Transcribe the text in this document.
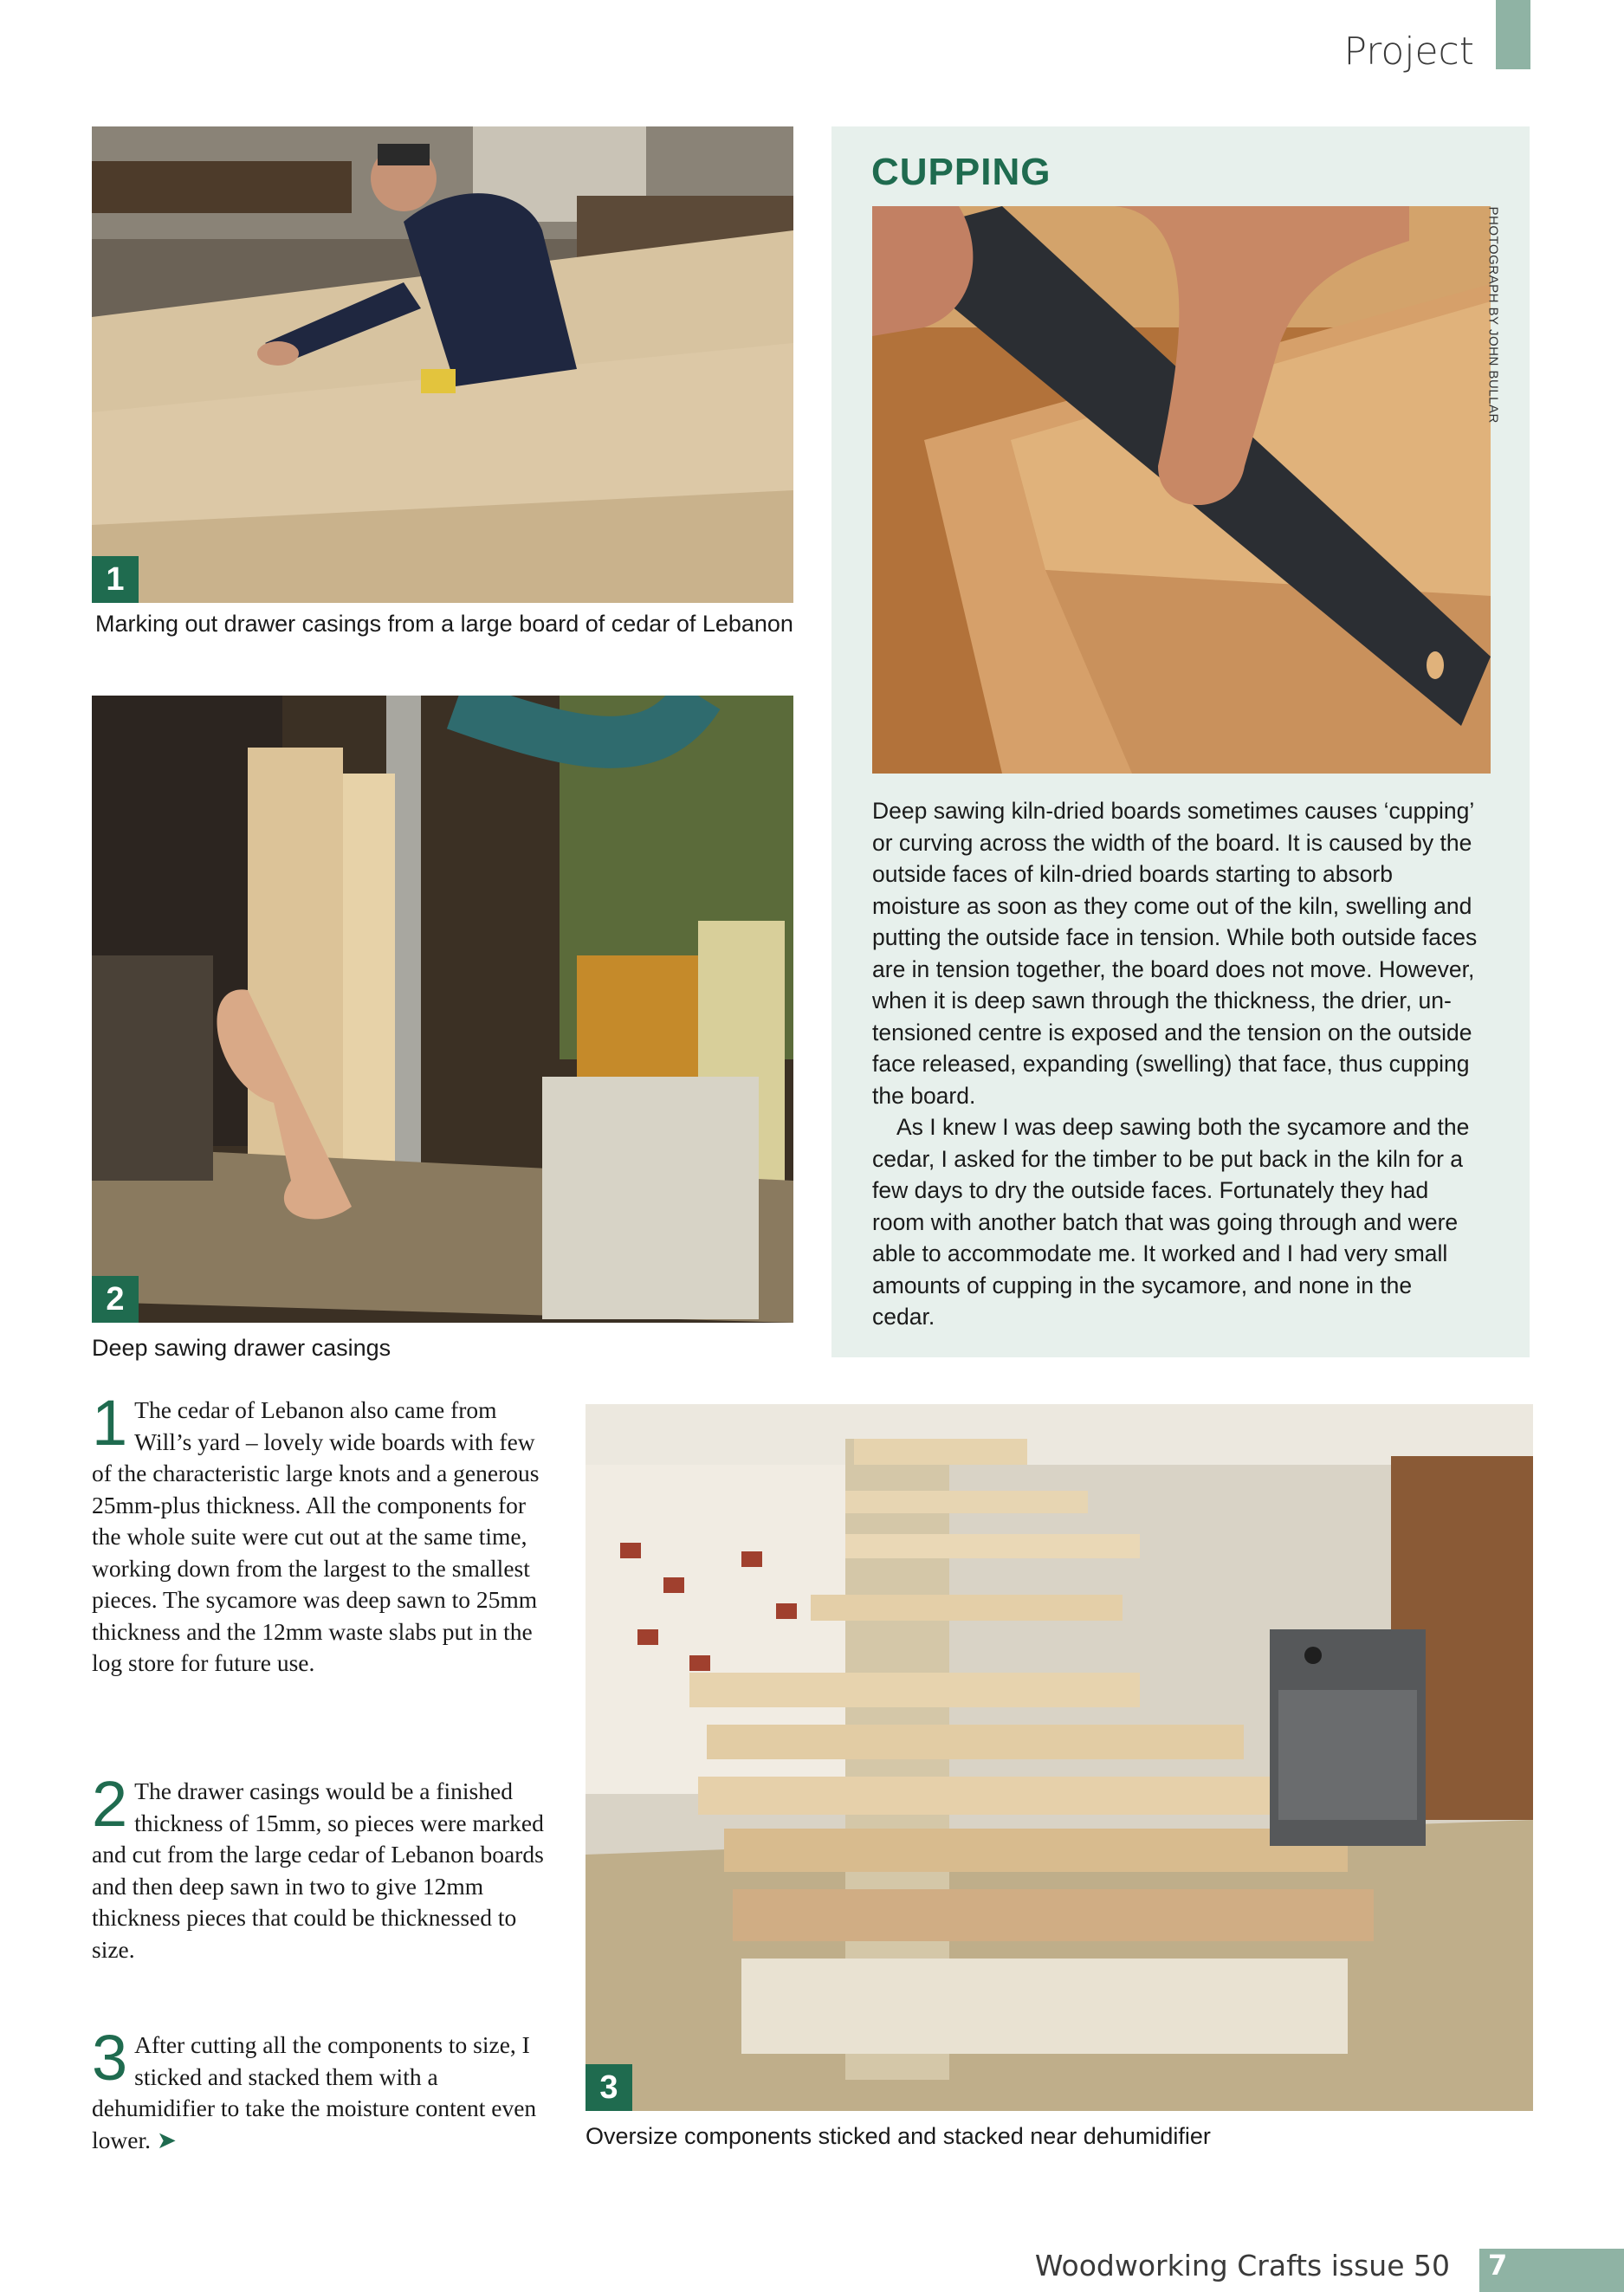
Project
1
Marking out drawer casings from a large board of cedar of Lebanon
2
Deep sawing drawer casings
CUPPING
PHOTOGRAPH BY JOHN BULLAR

Deep sawing kiln-dried boards sometimes causes ‘cupping’ or curving across the width of the board. It is caused by the outside faces of kiln-dried boards starting to absorb moisture as soon as they come out of the kiln, swelling and putting the outside face in tension. While both outside faces are in tension together, the board does not move. However, when it is deep sawn through the thickness, the drier, un-tensioned centre is exposed and the tension on the outside face released, expanding (swelling) that face, thus cupping the board.

As I knew I was deep sawing both the sycamore and the cedar, I asked for the timber to be put back in the kiln for a few days to dry the outside faces. Fortunately they had room with another batch that was going through and were able to accommodate me. It worked and I had very small amounts of cupping in the sycamore, and none in the cedar.

1 The cedar of Lebanon also came from Will’s yard – lovely wide boards with few of the characteristic large knots and a generous 25mm-plus thickness. All the components for the whole suite were cut out at the same time, working down from the largest to the smallest pieces. The sycamore was deep sawn to 25mm thickness and the 12mm waste slabs put in the log store for future use.
2 The drawer casings would be a finished thickness of 15mm, so pieces were marked and cut from the large cedar of Lebanon boards and then deep sawn in two to give 12mm thickness pieces that could be thicknessed to size.
3 After cutting all the components to size, I sticked and stacked them with a dehumidifier to take the moisture content even lower. ➤
3
Oversize components sticked and stacked near dehumidifier
Woodworking Crafts issue 50 7
